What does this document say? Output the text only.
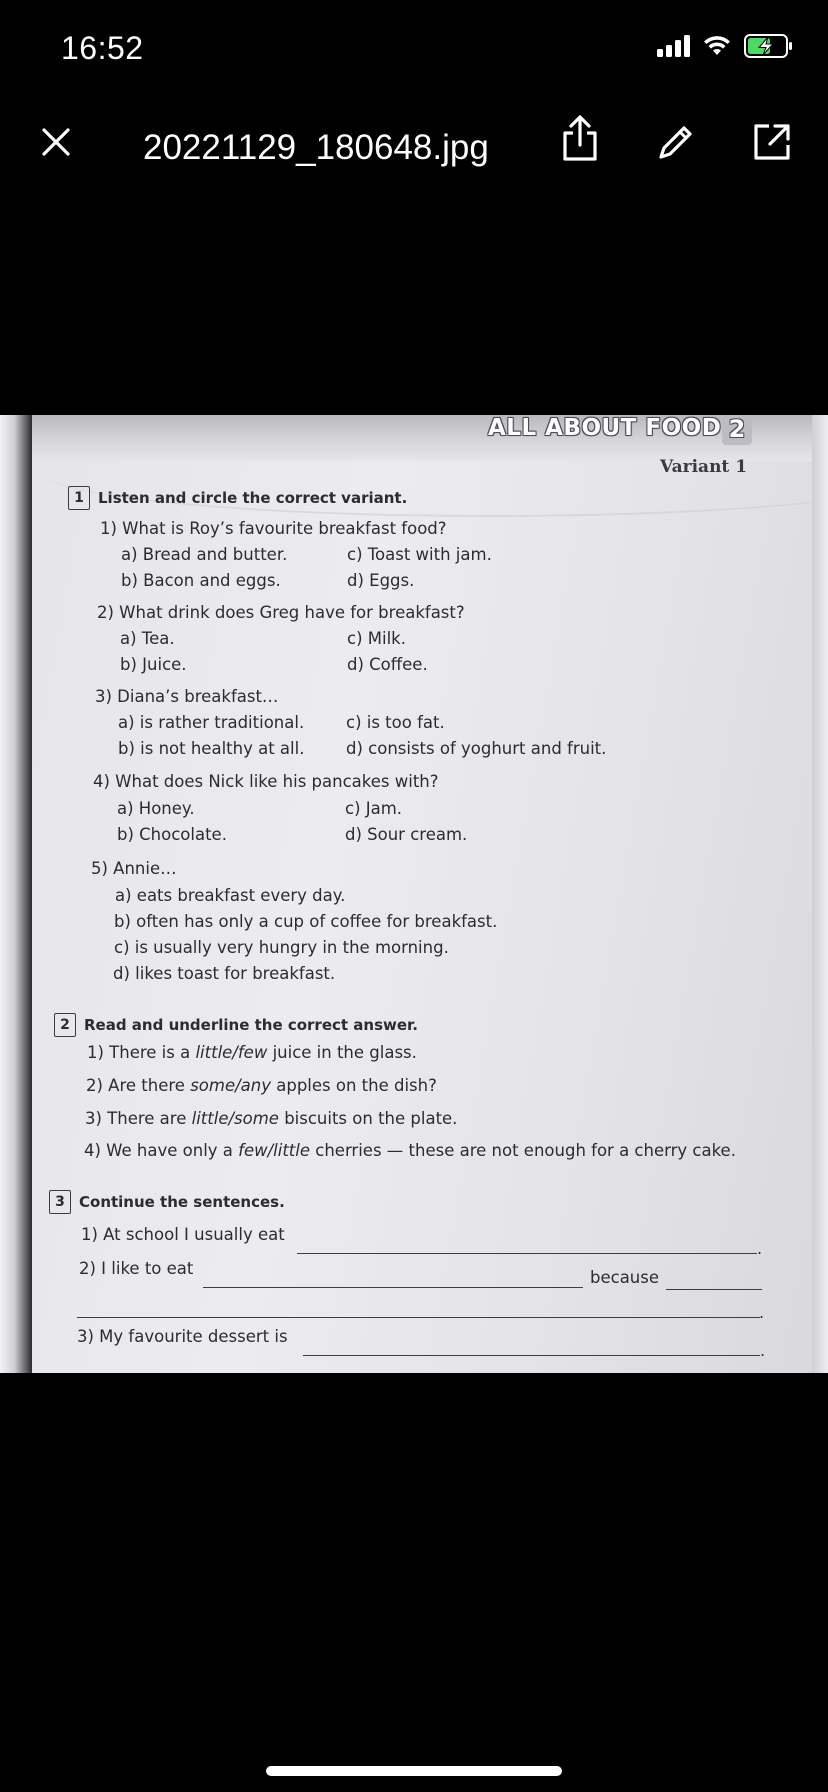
16:52
20221129_180648.jpg
ALL ABOUT FOOD 2
Variant 1
1 Listen and circle the correct variant.
1) What is Roy’s favourite breakfast food?
a) Bread and butter.	c) Toast with jam.
b) Bacon and eggs.	d) Eggs.
2) What drink does Greg have for breakfast?
a) Tea.	c) Milk.
b) Juice.	d) Coffee.
3) Diana’s breakfast…
a) is rather traditional.	c) is too fat.
b) is not healthy at all.	d) consists of yoghurt and fruit.
4) What does Nick like his pancakes with?
a) Honey.	c) Jam.
b) Chocolate.	d) Sour cream.
5) Annie…
a) eats breakfast every day.
b) often has only a cup of coffee for breakfast.
c) is usually very hungry in the morning.
d) likes toast for breakfast.
2 Read and underline the correct answer.
1) There is a little/few juice in the glass.
2) Are there some/any apples on the dish?
3) There are little/some biscuits on the plate.
4) We have only a few/little cherries — these are not enough for a cherry cake.
3 Continue the sentences.
1) At school I usually eat
.
2) I like to eat	because
.
3) My favourite dessert is
.
